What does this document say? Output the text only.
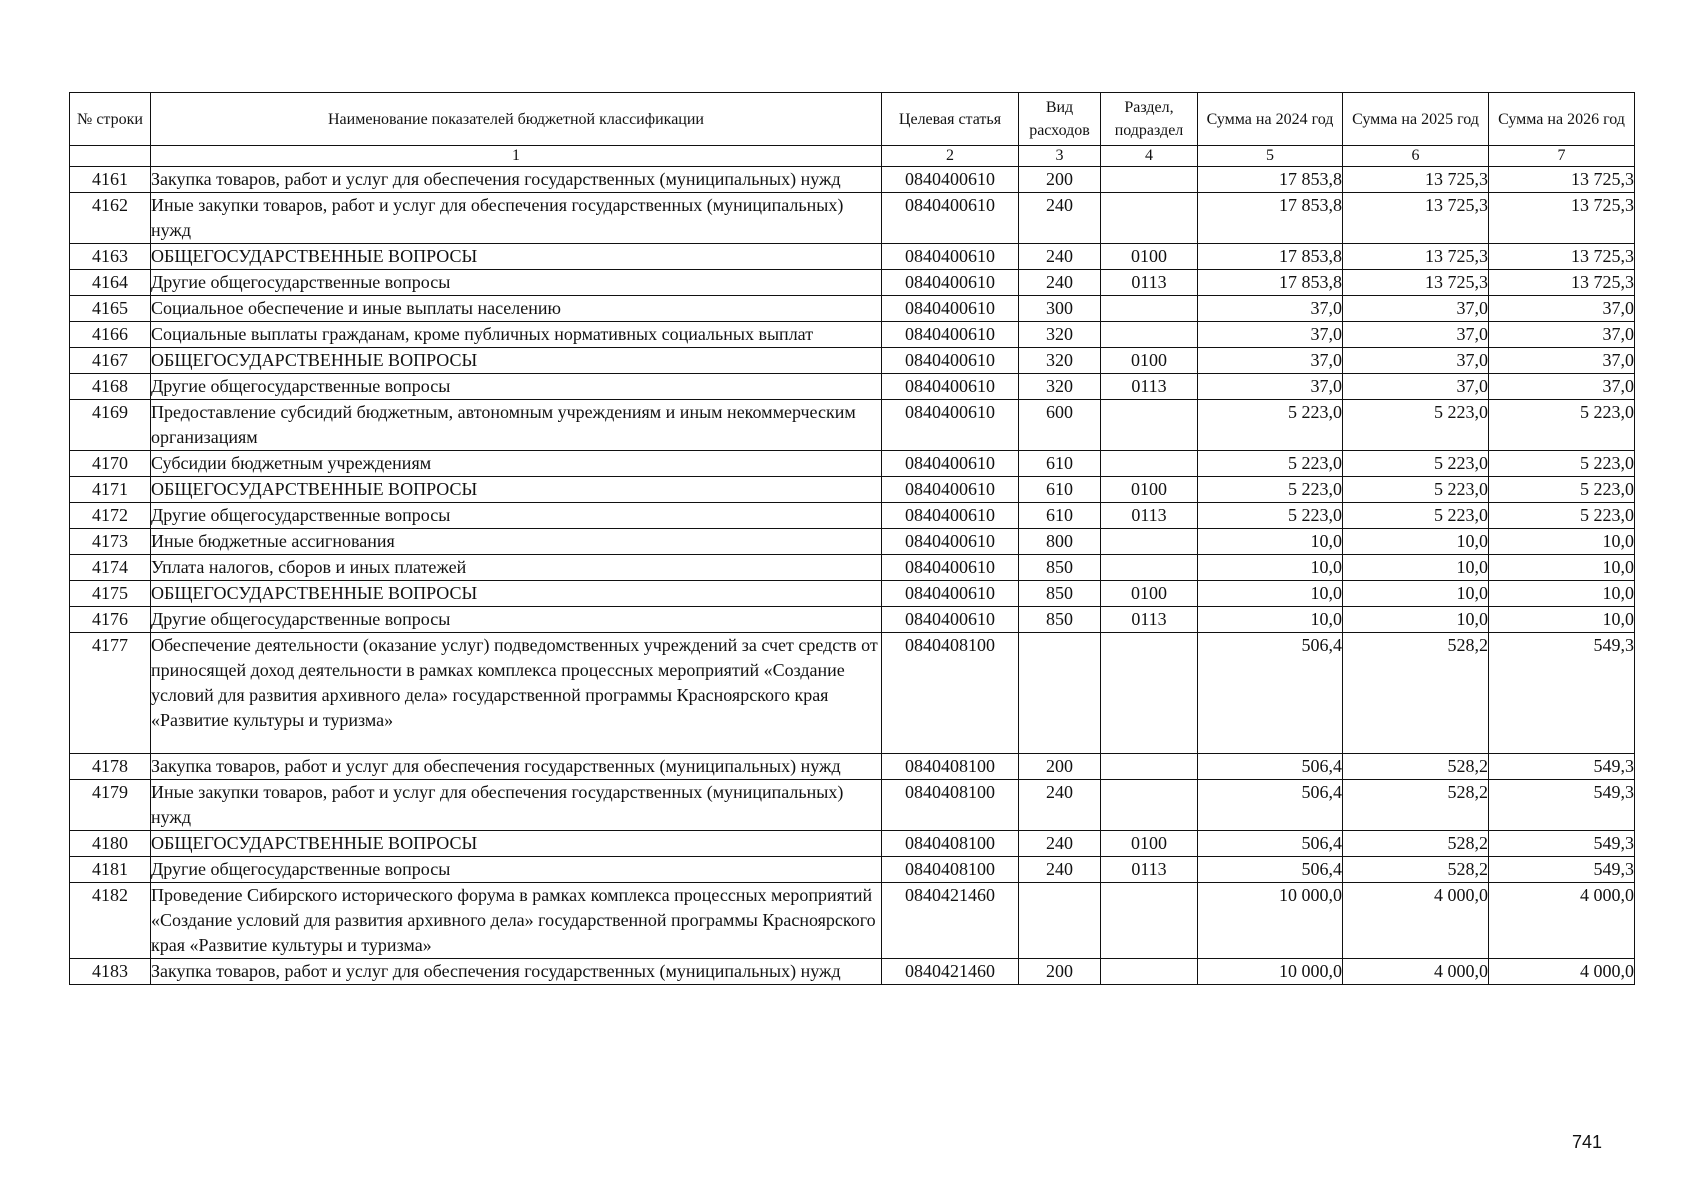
№ строки	Наименование показателей бюджетной классификации	Целевая статья	Вид расходов	Раздел, подраздел	Сумма на 2024 год	Сумма на 2025 год	Сумма на 2026 год
	1	2	3	4	5	6	7
4161	Закупка товаров, работ и услуг для обеспечения государственных (муниципальных) нужд	0840400610	200		17 853,8	13 725,3	13 725,3
4162	Иные закупки товаров, работ и услуг для обеспечения государственных (муниципальных) нужд	0840400610	240		17 853,8	13 725,3	13 725,3
4163	ОБЩЕГОСУДАРСТВЕННЫЕ ВОПРОСЫ	0840400610	240	0100	17 853,8	13 725,3	13 725,3
4164	Другие общегосударственные вопросы	0840400610	240	0113	17 853,8	13 725,3	13 725,3
4165	Социальное обеспечение и иные выплаты населению	0840400610	300		37,0	37,0	37,0
4166	Социальные выплаты гражданам, кроме публичных нормативных социальных выплат	0840400610	320		37,0	37,0	37,0
4167	ОБЩЕГОСУДАРСТВЕННЫЕ ВОПРОСЫ	0840400610	320	0100	37,0	37,0	37,0
4168	Другие общегосударственные вопросы	0840400610	320	0113	37,0	37,0	37,0
4169	Предоставление субсидий бюджетным, автономным учреждениям и иным некоммерческим организациям	0840400610	600		5 223,0	5 223,0	5 223,0
4170	Субсидии бюджетным учреждениям	0840400610	610		5 223,0	5 223,0	5 223,0
4171	ОБЩЕГОСУДАРСТВЕННЫЕ ВОПРОСЫ	0840400610	610	0100	5 223,0	5 223,0	5 223,0
4172	Другие общегосударственные вопросы	0840400610	610	0113	5 223,0	5 223,0	5 223,0
4173	Иные бюджетные ассигнования	0840400610	800		10,0	10,0	10,0
4174	Уплата налогов, сборов и иных платежей	0840400610	850		10,0	10,0	10,0
4175	ОБЩЕГОСУДАРСТВЕННЫЕ ВОПРОСЫ	0840400610	850	0100	10,0	10,0	10,0
4176	Другие общегосударственные вопросы	0840400610	850	0113	10,0	10,0	10,0
4177	Обеспечение деятельности (оказание услуг) подведомственных учреждений за счет средств от приносящей доход деятельности в рамках комплекса процессных мероприятий «Создание условий для развития архивного дела» государственной программы Красноярского края «Развитие культуры и туризма»	0840408100			506,4	528,2	549,3
4178	Закупка товаров, работ и услуг для обеспечения государственных (муниципальных) нужд	0840408100	200		506,4	528,2	549,3
4179	Иные закупки товаров, работ и услуг для обеспечения государственных (муниципальных) нужд	0840408100	240		506,4	528,2	549,3
4180	ОБЩЕГОСУДАРСТВЕННЫЕ ВОПРОСЫ	0840408100	240	0100	506,4	528,2	549,3
4181	Другие общегосударственные вопросы	0840408100	240	0113	506,4	528,2	549,3
4182	Проведение Сибирского исторического форума в рамках комплекса процессных мероприятий «Создание условий для развития архивного дела» государственной программы Красноярского края «Развитие культуры и туризма»	0840421460			10 000,0	4 000,0	4 000,0
4183	Закупка товаров, работ и услуг для обеспечения государственных (муниципальных) нужд	0840421460	200		10 000,0	4 000,0	4 000,0
741
